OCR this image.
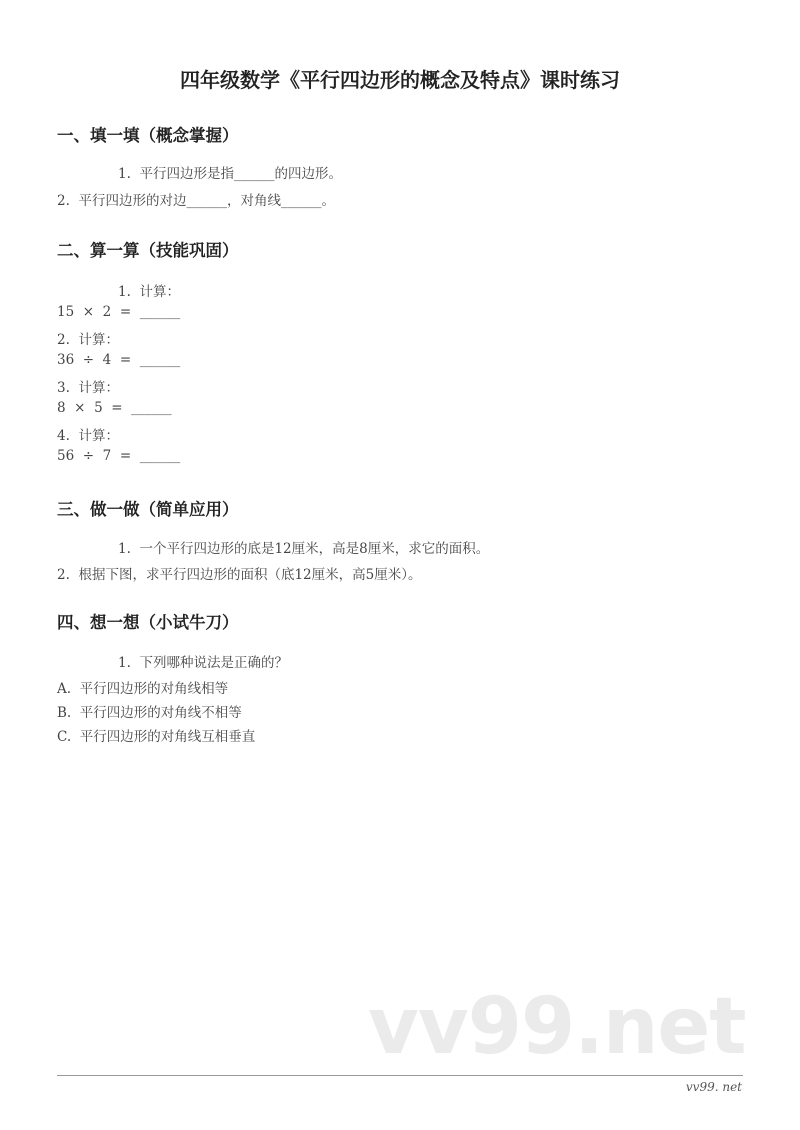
四年级数学《平行四边形的概念及特点》课时练习
一、填一填（概念掌握）
1.  平行四边形是指______的四边形。
2.  平行四边形的对边______，对角线______。
二、算一算（技能巩固）
1.  计算：
15  ×  2  =  ______
2.  计算：
36  ÷  4  =  ______
3.  计算：
8  ×  5  =  ______
4.  计算：
56  ÷  7  =  ______
三、做一做（简单应用）
1.  一个平行四边形的底是12厘米，高是8厘米，求它的面积。
2.  根据下图，求平行四边形的面积（底12厘米，高5厘米）。
四、想一想（小试牛刀）
1.  下列哪种说法是正确的？
A.  平行四边形的对角线相等
B.  平行四边形的对角线不相等
C.  平行四边形的对角线互相垂直
vv99.net
vv99. net
